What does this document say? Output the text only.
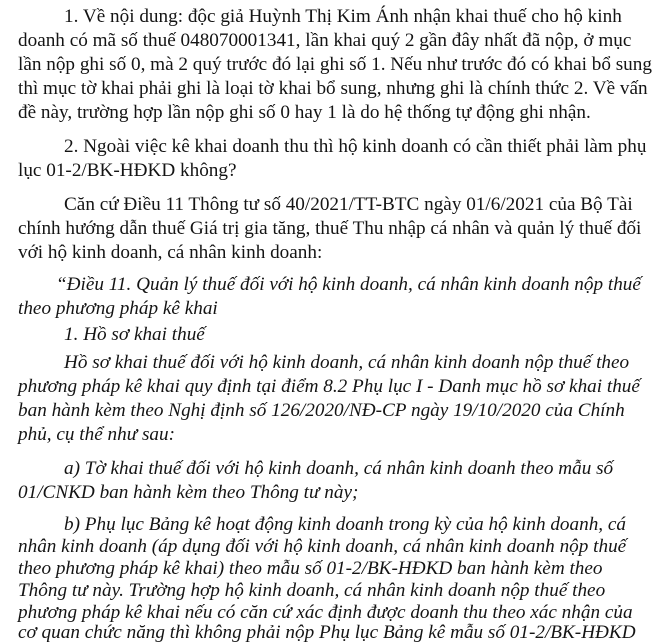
1. Về nội dung: độc giả Huỳnh Thị Kim Ánh nhận khai thuế cho hộ kinh
doanh có mã số thuế 048070001341, lần khai quý 2 gần đây nhất đã nộp, ở mục
lần nộp ghi số 0, mà 2 quý trước đó lại ghi số 1. Nếu như trước đó có khai bổ sung
thì mục tờ khai phải ghi là loại tờ khai bổ sung, nhưng ghi là chính thức 2. Về vấn
đề này, trường hợp lần nộp ghi số 0 hay 1 là do hệ thống tự động ghi nhận.
2. Ngoài việc kê khai doanh thu thì hộ kinh doanh có cần thiết phải làm phụ
lục 01-2/BK-HĐKD không?
Căn cứ Điều 11 Thông tư số 40/2021/TT-BTC ngày 01/6/2021 của Bộ Tài
chính hướng dẫn thuế Giá trị gia tăng, thuế Thu nhập cá nhân và quản lý thuế đối
với hộ kinh doanh, cá nhân kinh doanh:
“Điều 11. Quản lý thuế đối với hộ kinh doanh, cá nhân kinh doanh nộp thuế
theo phương pháp kê khai
1. Hồ sơ khai thuế
Hồ sơ khai thuế đối với hộ kinh doanh, cá nhân kinh doanh nộp thuế theo
phương pháp kê khai quy định tại điểm 8.2 Phụ lục I - Danh mục hồ sơ khai thuế
ban hành kèm theo Nghị định số 126/2020/NĐ-CP ngày 19/10/2020 của Chính
phủ, cụ thể như sau:
a) Tờ khai thuế đối với hộ kinh doanh, cá nhân kinh doanh theo mẫu số
01/CNKD ban hành kèm theo Thông tư này;
b) Phụ lục Bảng kê hoạt động kinh doanh trong kỳ của hộ kinh doanh, cá
nhân kinh doanh (áp dụng đối với hộ kinh doanh, cá nhân kinh doanh nộp thuế
theo phương pháp kê khai) theo mẫu số 01-2/BK-HĐKD ban hành kèm theo
Thông tư này. Trường hợp hộ kinh doanh, cá nhân kinh doanh nộp thuế theo
phương pháp kê khai nếu có căn cứ xác định được doanh thu theo xác nhận của
cơ quan chức năng thì không phải nộp Phụ lục Bảng kê mẫu số 01-2/BK-HĐKD
